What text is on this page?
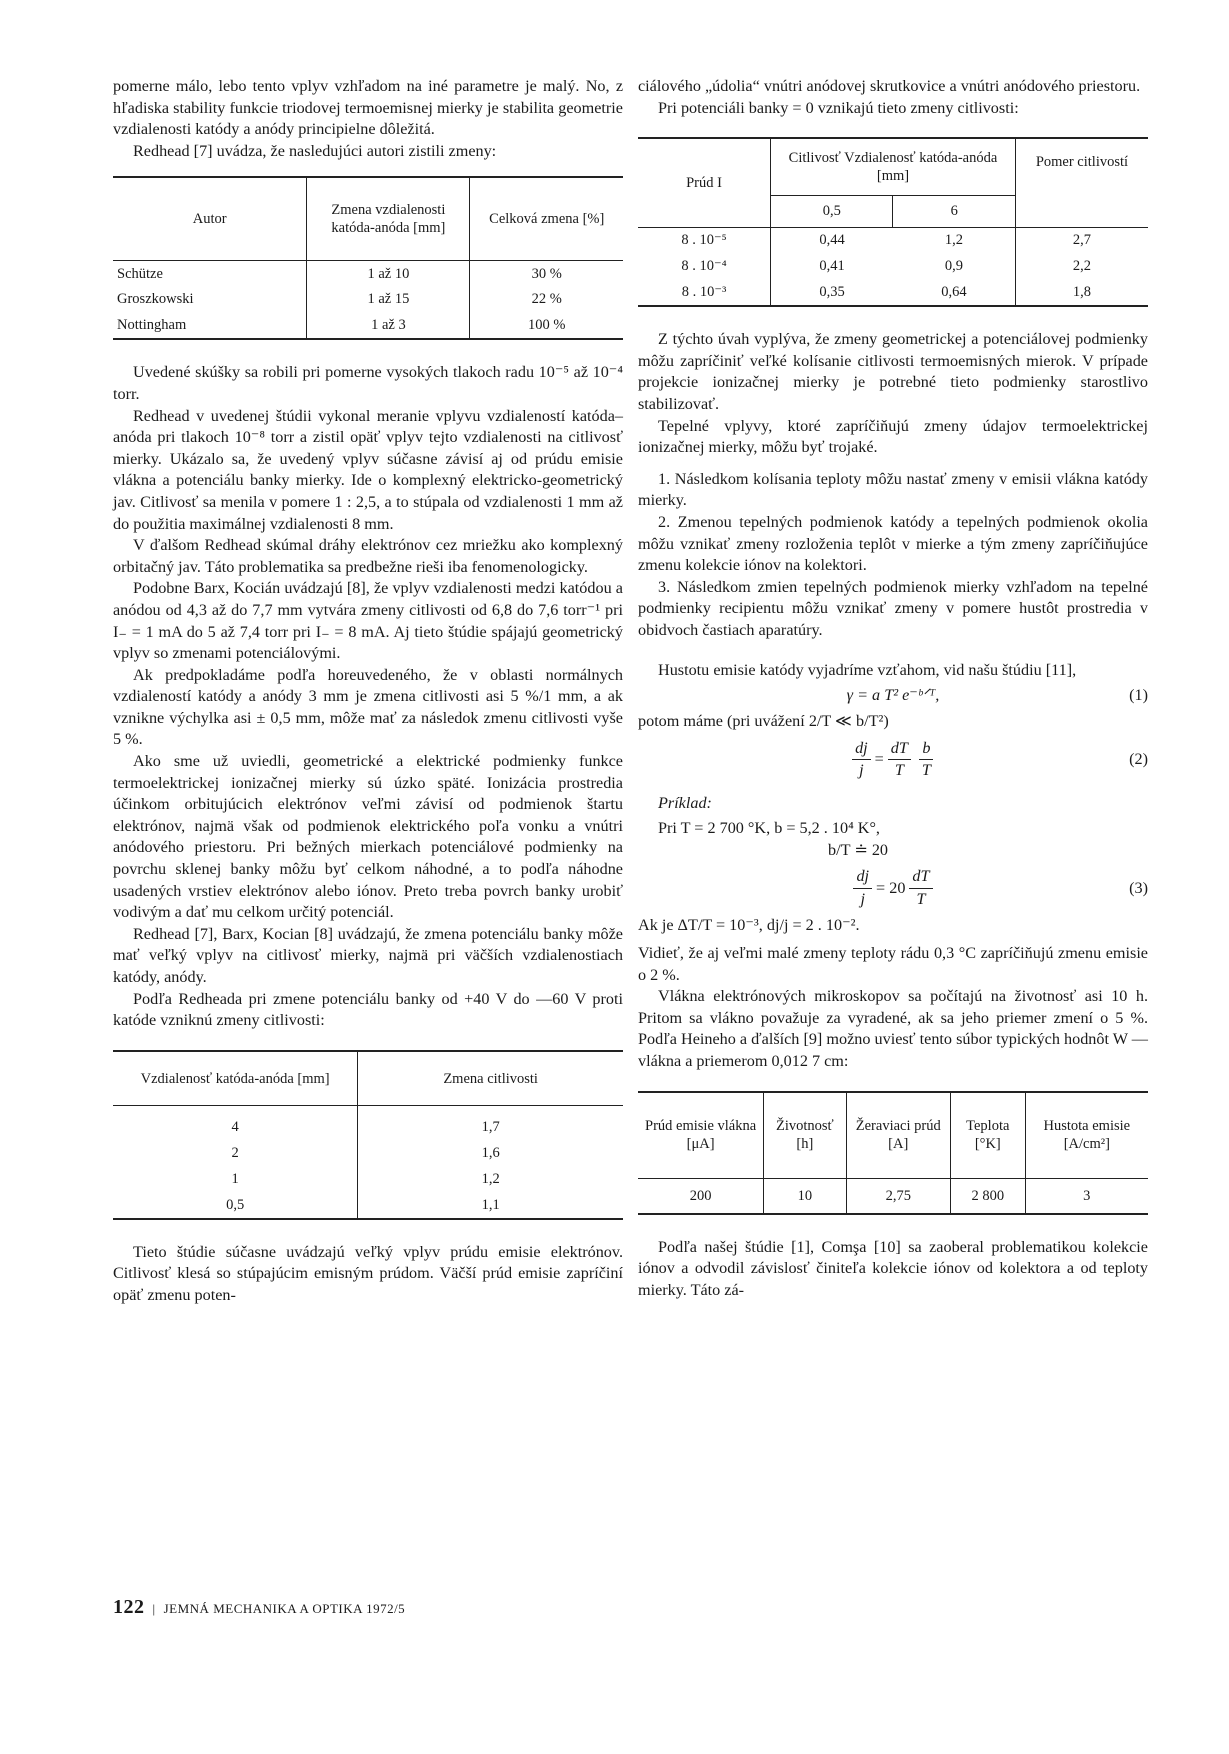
pomerne málo, lebo tento vplyv vzhľadom na iné parametre je malý. No, z hľadiska stability funkcie triodovej termoemisnej mierky je stabilita geometrie vzdialenosti katódy a anódy principielne dôležitá.

Redhead [7] uvádza, že nasledujúci autori zistili zmeny:

Autor	Zmena vzdialenosti katóda-anóda [mm]	Celková zmena [%]
Schütze	1 až 10	30 %
Groszkowski	1 až 15	22 %
Nottingham	1 až 3	100 %

Uvedené skúšky sa robili pri pomerne vysokých tlakoch radu 10⁻⁵ až 10⁻⁴ torr.

Redhead v uvedenej štúdii vykonal meranie vplyvu vzdialeností katóda–anóda pri tlakoch 10⁻⁸ torr a zistil opäť vplyv tejto vzdialenosti na citlivosť mierky. Ukázalo sa, že uvedený vplyv súčasne závisí aj od prúdu emisie vlákna a potenciálu banky mierky. Ide o komplexný elektricko-geometrický jav. Citlivosť sa menila v pomere 1 : 2,5, a to stúpala od vzdialenosti 1 mm až do použitia maximálnej vzdialenosti 8 mm.

V ďalšom Redhead skúmal dráhy elektrónov cez mriežku ako komplexný orbitačný jav. Táto problematika sa predbežne rieši iba fenomenologicky.

Podobne Barx, Kocián uvádzajú [8], že vplyv vzdialenosti medzi katódou a anódou od 4,3 až do 7,7 mm vytvára zmeny citlivosti od 6,8 do 7,6 torr⁻¹ pri I₋ = 1 mA do 5 až 7,4 torr pri I₋ = 8 mA. Aj tieto štúdie spájajú geometrický vplyv so zmenami potenciálovými.

Ak predpokladáme podľa horeuvedeného, že v oblasti normálnych vzdialeností katódy a anódy 3 mm je zmena citlivosti asi 5 %/1 mm, a ak vznikne výchylka asi ± 0,5 mm, môže mať za následok zmenu citlivosti vyše 5 %.

Ako sme už uviedli, geometrické a elektrické podmienky funkce termoelektrickej ionizačnej mierky sú úzko späté. Ionizácia prostredia účinkom orbitujúcich elektrónov veľmi závisí od podmienok štartu elektrónov, najmä však od podmienok elektrického poľa vonku a vnútri anódového priestoru. Pri bežných mierkach potenciálové podmienky na povrchu sklenej banky môžu byť celkom náhodné, a to podľa náhodne usadených vrstiev elektrónov alebo iónov. Preto treba povrch banky urobiť vodivým a dať mu celkom určitý potenciál.

Redhead [7], Barx, Kocian [8] uvádzajú, že zmena potenciálu banky môže mať veľký vplyv na citlivosť mierky, najmä pri väčších vzdialenostiach katódy, anódy.

Podľa Redheada pri zmene potenciálu banky od +40 V do —60 V proti katóde vzniknú zmeny citlivosti:

Vzdialenosť katóda-anóda [mm]	Zmena citlivosti

4	1,7
2	1,6
1	1,2
0,5	1,1

Tieto štúdie súčasne uvádzajú veľký vplyv prúdu emisie elektrónov. Citlivosť klesá so stúpajúcim emisným prúdom. Väčší prúd emisie zapríčiní opäť zmenu poten-

ciálového „údolia“ vnútri anódovej skrutkovice a vnútri anódového priestoru.

Pri potenciáli banky = 0 vznikajú tieto zmeny citlivosti:

Prúd I	Citlivosť Vzdialenosť katóda-anóda [mm]		Pomer citlivostí
	0,5	6	
8 . 10⁻⁵	0,44	1,2	2,7
8 . 10⁻⁴	0,41	0,9	2,2
8 . 10⁻³	0,35	0,64	1,8

Z týchto úvah vyplýva, že zmeny geometrickej a potenciálovej podmienky môžu zapríčiniť veľké kolísanie citlivosti termoemisných mierok. V prípade projekcie ionizačnej mierky je potrebné tieto podmienky starostlivo stabilizovať.

Tepelné vplyvy, ktoré zapríčiňujú zmeny údajov termoelektrickej ionizačnej mierky, môžu byť trojaké.

1. Následkom kolísania teploty môžu nastať zmeny v emisii vlákna katódy mierky.

2. Zmenou tepelných podmienok katódy a tepelných podmienok okolia môžu vznikať zmeny rozloženia teplôt v mierke a tým zmeny zapríčiňujúce zmenu kolekcie iónov na kolektori.

3. Následkom zmien tepelných podmienok mierky vzhľadom na tepelné podmienky recipientu môžu vznikať zmeny v pomere hustôt prostredia v obidvoch častiach aparatúry.

Hustotu emisie katódy vyjadríme vzťahom, vid našu štúdiu [11],

γ = a T² e⁻ᵇᐟᵀ,	(1)

potom máme (pri uvážení 2/T ≪ b/T²)

$\frac{dj}{j} = \frac{dT}{T} \frac{b}{T}$	(2)

Príklad:

Pri T = 2 700 °K, b = 5,2 . 10⁴ K°,

b/T ≐ 20

$\frac{dj}{j} = 20 \frac{dT}{T}$	(3)

Ak je ΔT/T = 10⁻³, dj/j = 2 . 10⁻².

Vidieť, že aj veľmi malé zmeny teploty rádu 0,3 °C zapríčiňujú zmenu emisie o 2 %.

Vlákna elektrónových mikroskopov sa počítajú na životnosť asi 10 h. Pritom sa vlákno považuje za vyradené, ak sa jeho priemer zmení o 5 %. Podľa Heineho a ďalších [9] možno uviesť tento súbor typických hodnôt W — vlákna a priemerom 0,012 7 cm:

Prúd emisie vlákna [μA]	Životnosť [h]	Žeraviaci prúd [A]	Teplota [°K]	Hustota emisie [A/cm²]
200	10	2,75	2 800	3

Podľa našej štúdie [1], Comşa [10] sa zaoberal problematikou kolekcie iónov a odvodil závislosť činiteľa kolekcie iónov od kolektora a od teploty mierky. Táto zá-

122 | JEMNÁ MECHANIKA A OPTIKA 1972/5
